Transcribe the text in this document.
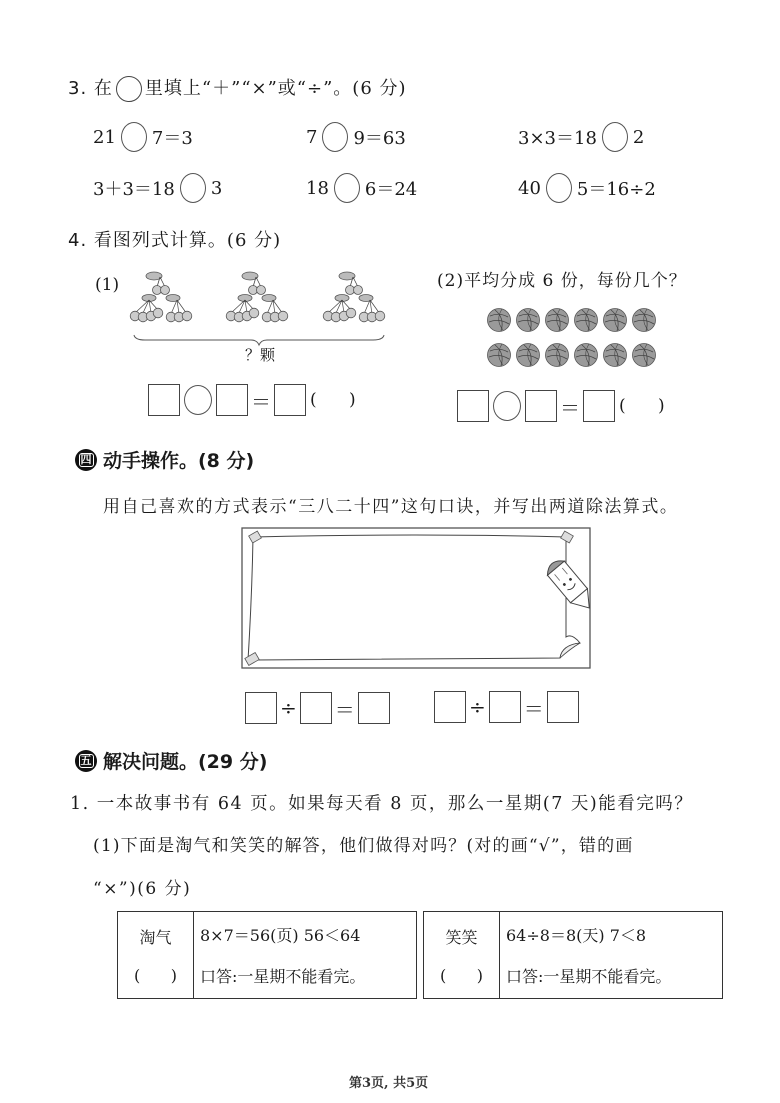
3. 在 里填上“＋”“×”或“÷”。(6 分)
21 7＝3	7 9＝63	3×3＝18 2
3＋3＝18 3	18 6＝24	40 5＝16÷2
4. 看图列式计算。(6 分)
(1)
？颗
＝ (      )
(2)平均分成 6 份，每份几个？
＝ (      )
四 动手操作。(8 分)
用自己喜欢的方式表示“三八二十四”这句口诀，并写出两道除法算式。
÷ ＝	÷ ＝
五 解决问题。(29 分)
1. 一本故事书有 64 页。如果每天看 8 页，那么一星期(7 天)能看完吗？
(1)下面是淘气和笑笑的解答，他们做得对吗？(对的画“√”，错的画
“×”)(6 分)
淘气
(      )
8×7＝56(页) 56＜64
口答:一星期不能看完。
笑笑
(      )
64÷8＝8(天) 7＜8
口答:一星期不能看完。
第3页, 共5页
